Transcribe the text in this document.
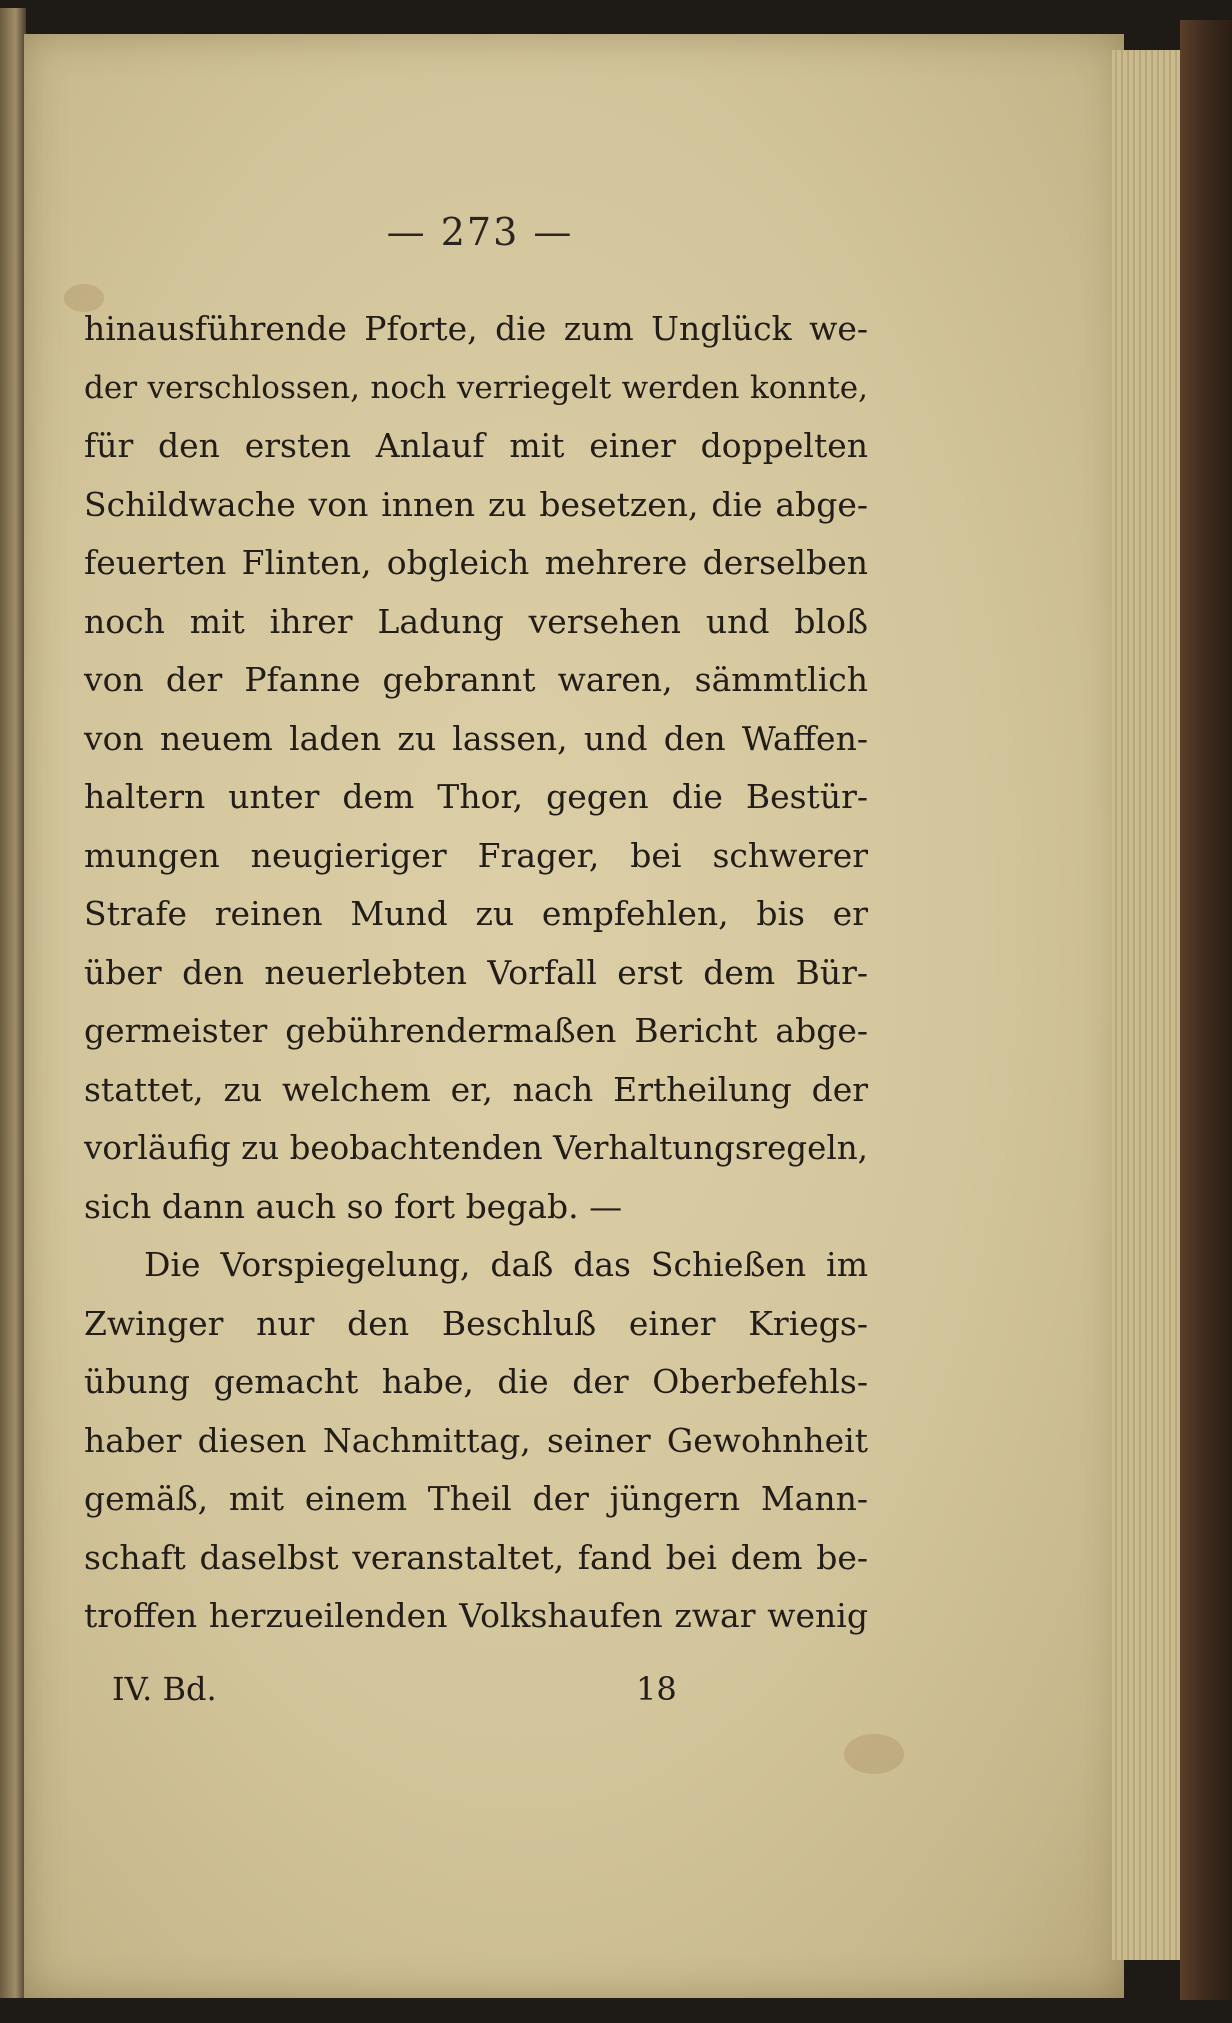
— 273 —
hinausführende Pforte, die zum Unglück we-
der verschlossen, noch verriegelt werden konnte,
für den ersten Anlauf mit einer doppelten
Schildwache von innen zu besetzen, die abge-
feuerten Flinten, obgleich mehrere derselben
noch mit ihrer Ladung versehen und bloß
von der Pfanne gebrannt waren, sämmtlich
von neuem laden zu lassen, und den Waffen-
haltern unter dem Thor, gegen die Bestür-
mungen neugieriger Frager, bei schwerer
Strafe reinen Mund zu empfehlen, bis er
über den neuerlebten Vorfall erst dem Bür-
germeister gebührendermaßen Bericht abge-
stattet, zu welchem er, nach Ertheilung der
vorläufig zu beobachtenden Verhaltungsregeln,
sich dann auch so fort begab. —
Die Vorspiegelung, daß das Schießen im
Zwinger nur den Beschluß einer Kriegs-
übung gemacht habe, die der Oberbefehls-
haber diesen Nachmittag, seiner Gewohnheit
gemäß, mit einem Theil der jüngern Mann-
schaft daselbst veranstaltet, fand bei dem be-
troffen herzueilenden Volkshaufen zwar wenig
IV. Bd.	18
